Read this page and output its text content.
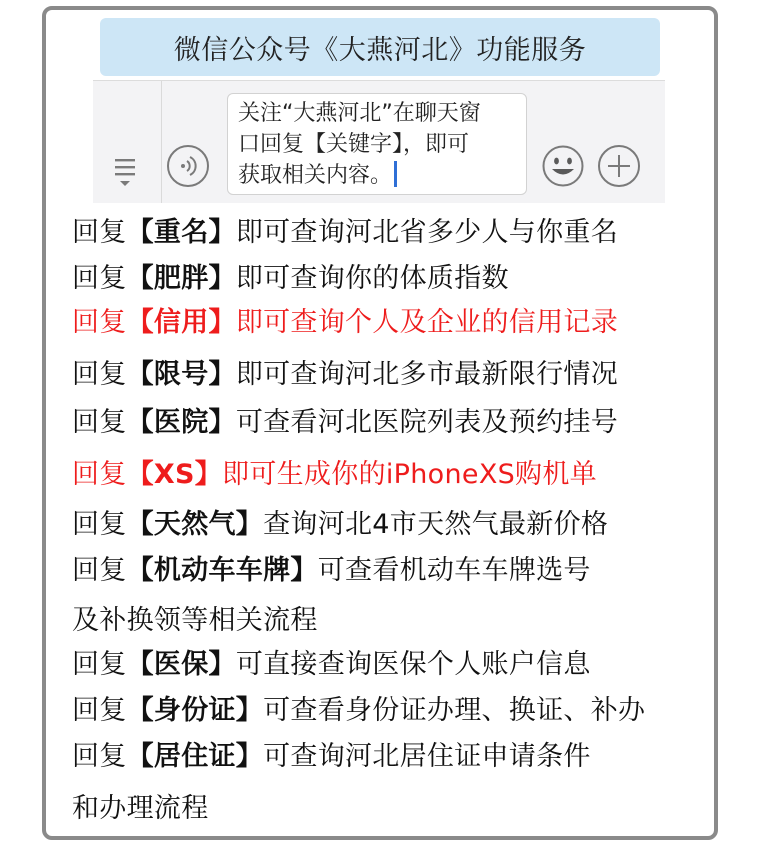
微信公众号《大燕河北》功能服务
关注“大燕河北”在聊天窗
口回复【关键字】，即可
获取相关内容。
回复【重名】即可查询河北省多少人与你重名
回复【肥胖】即可查询你的体质指数
回复【信用】即可查询个人及企业的信用记录
回复【限号】即可查询河北多市最新限行情况
回复【医院】可查看河北医院列表及预约挂号
回复【XS】即可生成你的iPhoneXS购机单
回复【天然气】查询河北4市天然气最新价格
回复【机动车车牌】可查看机动车车牌选号
及补换领等相关流程
回复【医保】可直接查询医保个人账户信息
回复【身份证】可查看身份证办理、换证、补办
回复【居住证】可查询河北居住证申请条件
和办理流程
